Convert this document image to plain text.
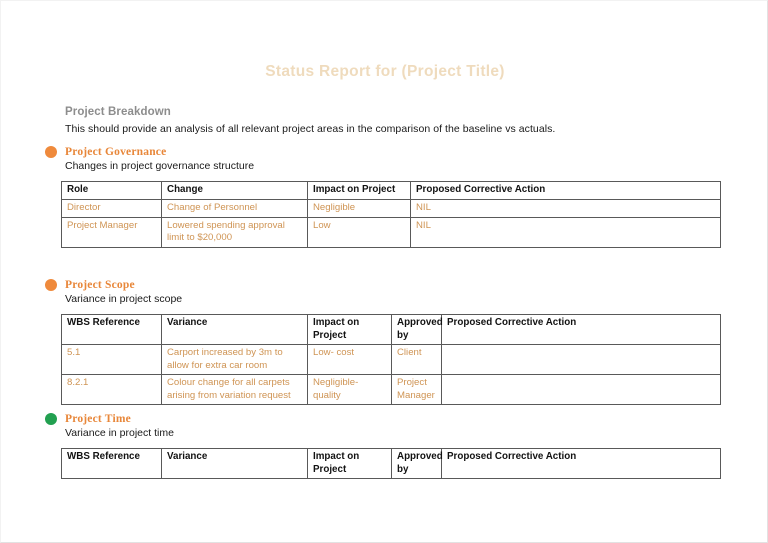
Status Report for (Project Title)
Project Breakdown
This should provide an analysis of all relevant project areas in the comparison of the baseline vs actuals.
Project Governance
Changes in project governance structure
Role	Change	Impact on Project	Proposed Corrective Action
Director	Change of Personnel	Negligible	NIL
Project Manager	Lowered spending approval limit to $20,000	Low	NIL
Project Scope
Variance in project scope
WBS Reference	Variance	Impact on Project	Approved by	Proposed Corrective Action
5.1	Carport increased by 3m to allow for extra car room	Low- cost	Client	
8.2.1	Colour change for all carpets arising from variation request	Negligible- quality	Project Manager	
Project Time
Variance in project time
WBS Reference	Variance	Impact on Project	Approved by	Proposed Corrective Action
